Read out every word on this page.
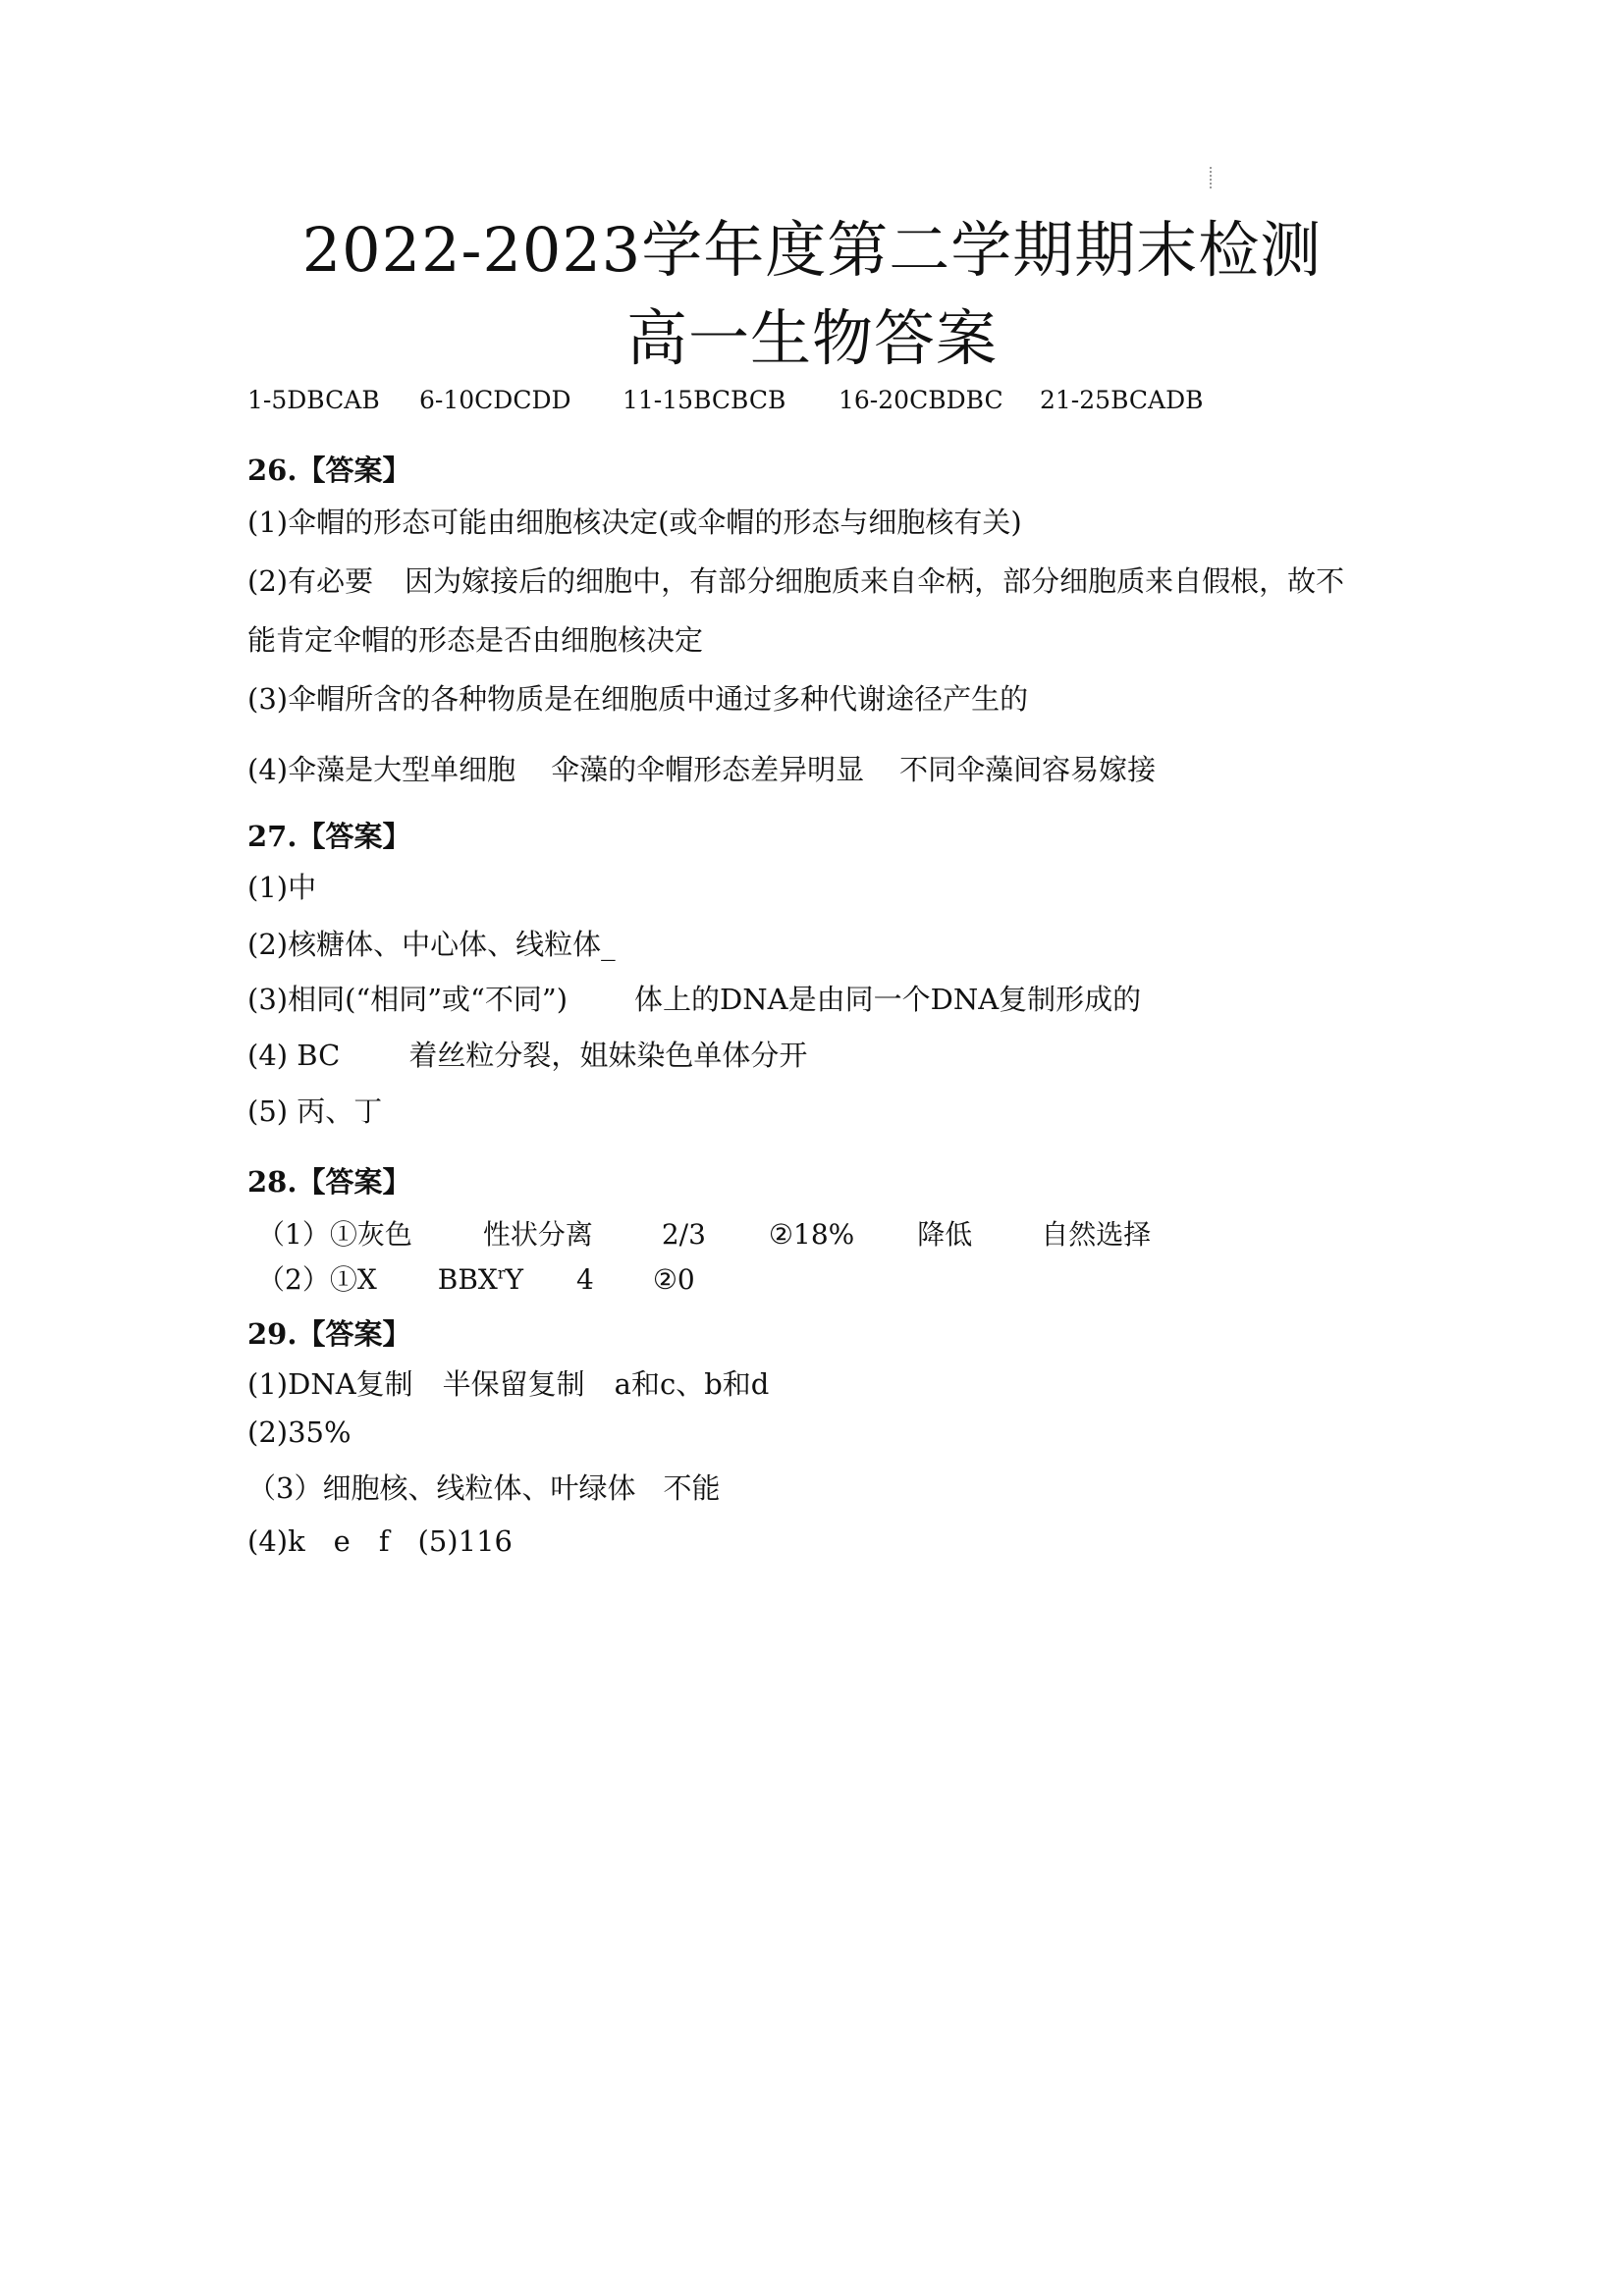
2022-2023学年度第二学期期末检测
高一生物答案
1-5DBCAB 6-10CDCDD 11-15BCBCB 16-20CBDBC 21-25BCADB
26.【答案】
(1)伞帽的形态可能由细胞核决定(或伞帽的形态与细胞核有关)
(2)有必要 因为嫁接后的细胞中，有部分细胞质来自伞柄，部分细胞质来自假根，故不
能肯定伞帽的形态是否由细胞核决定
(3)伞帽所含的各种物质是在细胞质中通过多种代谢途径产生的
(4)伞藻是大型单细胞 伞藻的伞帽形态差异明显 不同伞藻间容易嫁接
27.【答案】
(1)中
(2)核糖体、中心体、线粒体_
(3)相同(“相同”或“不同”) 体上的DNA是由同一个DNA复制形成的
(4) BC 着丝粒分裂，姐妹染色单体分开
(5) 丙、丁
28.【答案】
（1）①灰色	性状分离	2/3 ②18% 降低	自然选择
（2）①X BBX$^r$Y 4 ②0
29.【答案】
(1)DNA复制 半保留复制 a和c、b和d
(2)35%
（3）细胞核、线粒体、叶绿体 不能
(4)k　e　f　(5)116
